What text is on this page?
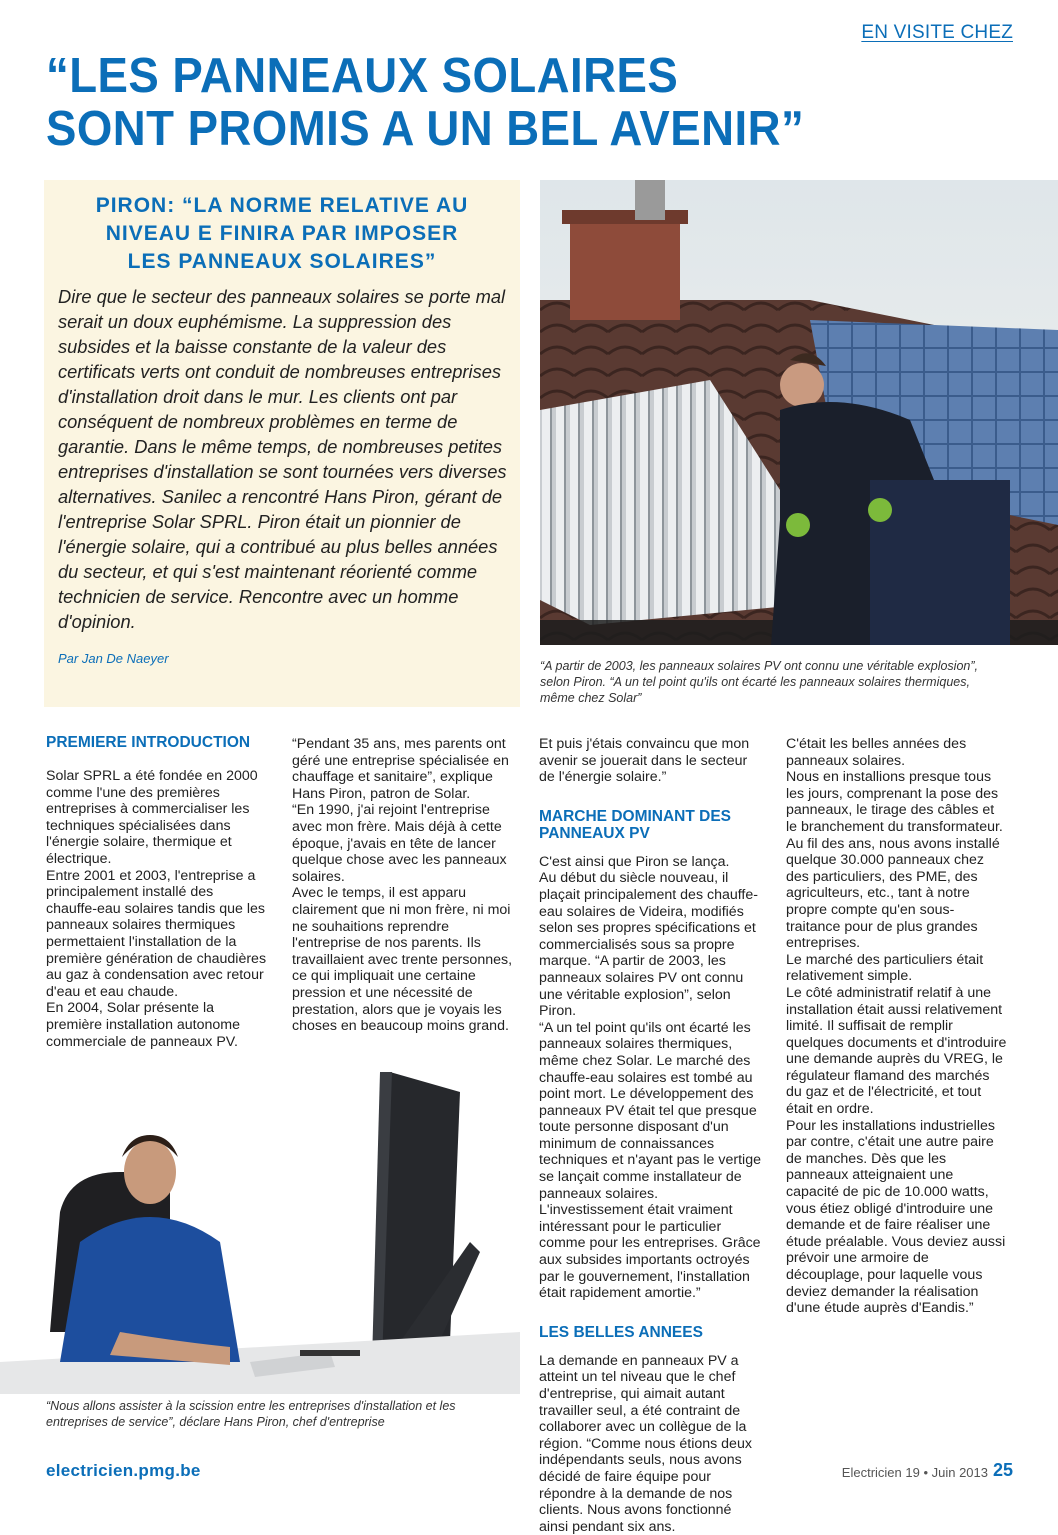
EN VISITE CHEZ
“LES PANNEAUX SOLAIRES
SONT PROMIS A UN BEL AVENIR”
PIRON: “LA NORME RELATIVE AU
NIVEAU E FINIRA PAR IMPOSER
LES PANNEAUX SOLAIRES”

Dire que le secteur des panneaux solaires se porte mal serait un doux euphémisme. La suppression des subsides et la baisse constante de la valeur des certificats verts ont conduit de nombreuses entreprises d'installation droit dans le mur. Les clients ont par conséquent de nombreux problèmes en terme de garantie. Dans le même temps, de nombreuses petites entreprises d'installation se sont tournées vers diverses alternatives. Sanilec a rencontré Hans Piron, gérant de l'entreprise Solar SPRL. Piron était un pionnier de l'énergie solaire, qui a contribué au plus belles années du secteur, et qui s'est maintenant réorienté comme technicien de service. Rencontre avec un homme d'opinion.

Par Jan De Naeyer	“A partir de 2003, les panneaux solaires PV ont connu une véritable explosion”, selon Piron. “A un tel point qu'ils ont écarté les panneaux solaires thermiques, même chez Solar”
PREMIERE INTRODUCTION

Solar SPRL a été fondée en 2000 comme l'une des premières entreprises à commercialiser les techniques spécialisées dans l'énergie solaire, thermique et électrique.

Entre 2001 et 2003, l'entreprise a principalement installé des chauffe-eau solaires tandis que les panneaux solaires thermiques permettaient l'installation de la première génération de chaudières au gaz à condensation avec retour d'eau et eau chaude.

En 2004, Solar présente la première installation autonome commerciale de panneaux PV.

“Pendant 35 ans, mes parents ont géré une entreprise spécialisée en chauffage et sanitaire”, explique Hans Piron, patron de Solar.

“En 1990, j'ai rejoint l'entreprise avec mon frère. Mais déjà à cette époque, j'avais en tête de lancer quelque chose avec les panneaux solaires.

Avec le temps, il est apparu clairement que ni mon frère, ni moi ne souhaitions reprendre l'entreprise de nos parents. Ils travaillaient avec trente personnes, ce qui impliquait une certaine pression et une nécessité de prestation, alors que je voyais les choses en beaucoup moins grand.

Et puis j'étais convaincu que mon avenir se jouerait dans le secteur de l'énergie solaire.”

MARCHE DOMINANT DES PANNEAUX PV

C'est ainsi que Piron se lança.

Au début du siècle nouveau, il plaçait principalement des chauffe-eau solaires de Videira, modifiés selon ses propres spécifications et commercialisés sous sa propre marque. “A partir de 2003, les panneaux solaires PV ont connu une véritable explosion”, selon Piron.

“A un tel point qu'ils ont écarté les panneaux solaires thermiques, même chez Solar. Le marché des chauffe-eau solaires est tombé au point mort. Le développement des panneaux PV était tel que presque toute personne disposant d'un minimum de connaissances techniques et n'ayant pas le vertige se lançait comme installateur de panneaux solaires. L'investissement était vraiment intéressant pour le particulier comme pour les entreprises. Grâce aux subsides importants octroyés par le gouvernement, l'installation était rapidement amortie.”

LES BELLES ANNEES

La demande en panneaux PV a atteint un tel niveau que le chef d'entreprise, qui aimait autant travailler seul, a été contraint de collaborer avec un collègue de la région. “Comme nous étions deux indépendants seuls, nous avons décidé de faire équipe pour répondre à la demande de nos clients. Nous avons fonctionné ainsi pendant six ans.

C'était les belles années des panneaux solaires.

Nous en installions presque tous les jours, comprenant la pose des panneaux, le tirage des câbles et le branchement du transformateur. Au fil des ans, nous avons installé quelque 30.000 panneaux chez des particuliers, des PME, des agriculteurs, etc., tant à notre propre compte qu'en sous-traitance pour de plus grandes entreprises.

Le marché des particuliers était relativement simple.

Le côté administratif relatif à une installation était aussi relativement limité. Il suffisait de remplir quelques documents et d'introduire une demande auprès du VREG, le régulateur flamand des marchés du gaz et de l'électricité, et tout était en ordre.

Pour les installations industrielles par contre, c'était une autre paire de manches. Dès que les panneaux atteignaient une capacité de pic de 10.000 watts, vous étiez obligé d'introduire une demande et de faire réaliser une étude préalable. Vous deviez aussi prévoir une armoire de découplage, pour laquelle vous deviez demander la réalisation d'une étude auprès d'Eandis.”

“Nous allons assister à la scission entre les entreprises d'installation et les entreprises de service”, déclare Hans Piron, chef d'entreprise
electricien.pmg.be	Electricien 19 • Juin 2013 25
